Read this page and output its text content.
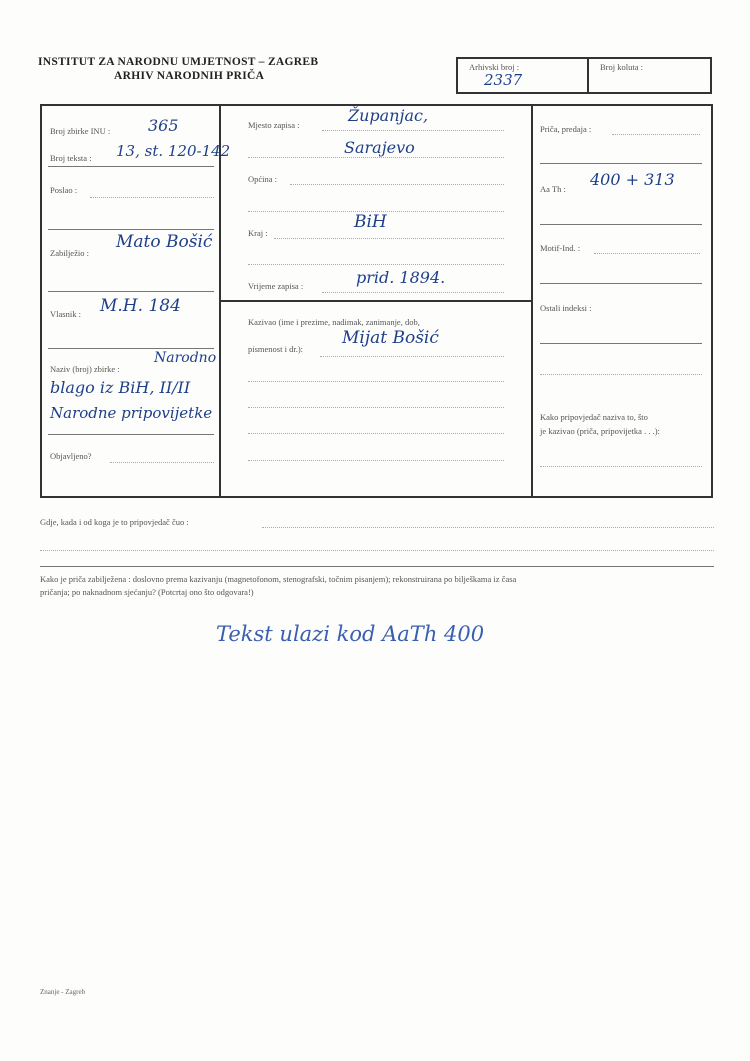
INSTITUT ZA NARODNU UMJETNOST – ZAGREB
ARHIV NARODNIH PRIČA
Arhivski broj :
2337
Broj koluta :
Broj zbirke INU : 365
Broj teksta : 13, st. 120-142
Poslao :
Zabilježio :
Mato Bošić
Vlasnik : M.H. 184
Naziv (broj) zbirke :
Narodno
blago iz BiH, II/II
Narodne pripovijetke
Objavljeno?
Mjesto zapisa :	Županjac,
Sarajevo
Općina :
Kraj :
BiH
Vrijeme zapisa :	prid. 1894.
Kazivao (ime i prezime, nadimak, zanimanje, dob,
pismenost i dr.):
Mijat Bošić
Priča, predaja :
Aa Th : 400 + 313
Motif-Ind. :
Ostali indeksi :
Kako pripovjedač naziva to, što
je kazivao (priča, pripovijetka . . .):
Gdje, kada i od koga je to pripovjedač čuo :
Kako je priča zabilježena : doslovno prema kazivanju (magnetofonom, stenografski, točnim pisanjem); rekonstruirana po bilješkama iz časa
pričanja; po naknadnom sjećanju? (Potcrtaj ono što odgovara!)
Tekst ulazi kod AaTh 400
Znanje - Zagreb
